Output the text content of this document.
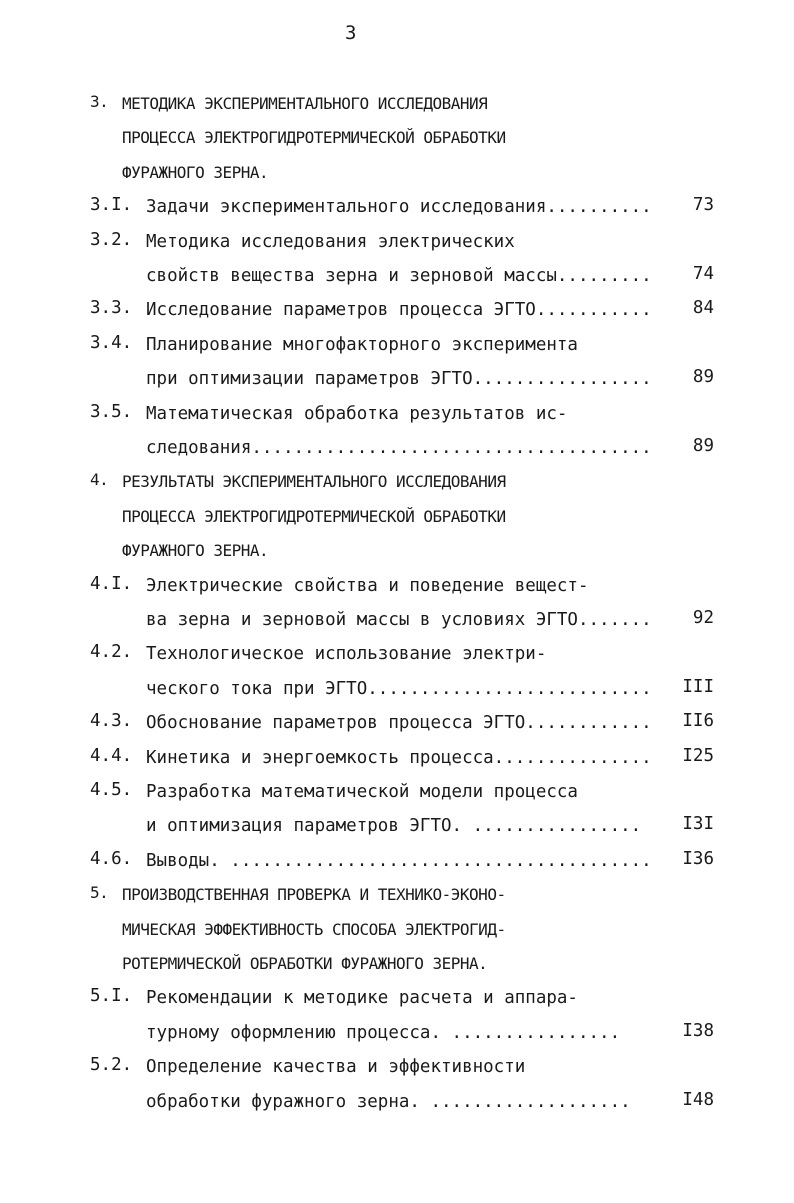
3
3. МЕТОДИКА ЭКСПЕРИМЕНТАЛЬНОГО ИССЛЕДОВАНИЯ
ПРОЦЕССА ЭЛЕКТРОГИДРОТЕРМИЧЕСКОЙ ОБРАБОТКИ
ФУРАЖНОГО ЗЕРНА.
3.I. Задачи экспериментального исследования..........	73
3.2. Методика исследования электрических
свойств вещества зерна и зерновой массы.........	74
3.3. Исследование параметров процесса ЭГТО...........	84
3.4. Планирование многофакторного эксперимента
при оптимизации параметров ЭГТО.................	89
3.5. Математическая обработка результатов ис-
следования......................................	89
4. РЕЗУЛЬТАТЫ ЭКСПЕРИМЕНТАЛЬНОГО ИССЛЕДОВАНИЯ
ПРОЦЕССА ЭЛЕКТРОГИДРОТЕРМИЧЕСКОЙ ОБРАБОТКИ
ФУРАЖНОГО ЗЕРНА.
4.I. Электрические свойства и поведение вещест-
ва зерна и зерновой массы в условиях ЭГТО.......	92
4.2. Технологическое использование электри-
ческого тока при ЭГТО...........................	III
4.3. Обоснование параметров процесса ЭГТО............	II6
4.4. Кинетика и энергоемкость процесса...............	I25
4.5. Разработка математической модели процесса
и оптимизация параметров ЭГТО. ................	I3I
4.6. Выводы. ........................................	I36
5. ПРОИЗВОДСТВЕННАЯ ПРОВЕРКА И ТЕХНИКО-ЭКОНО-
МИЧЕСКАЯ ЭФФЕКТИВНОСТЬ СПОСОБА ЭЛЕКТРОГИД-
РОТЕРМИЧЕСКОЙ ОБРАБОТКИ ФУРАЖНОГО ЗЕРНА.
5.I. Рекомендации к методике расчета и аппара-
турному оформлению процесса. ................	I38
5.2. Определение качества и эффективности
обработки фуражного зерна. ...................	I48
